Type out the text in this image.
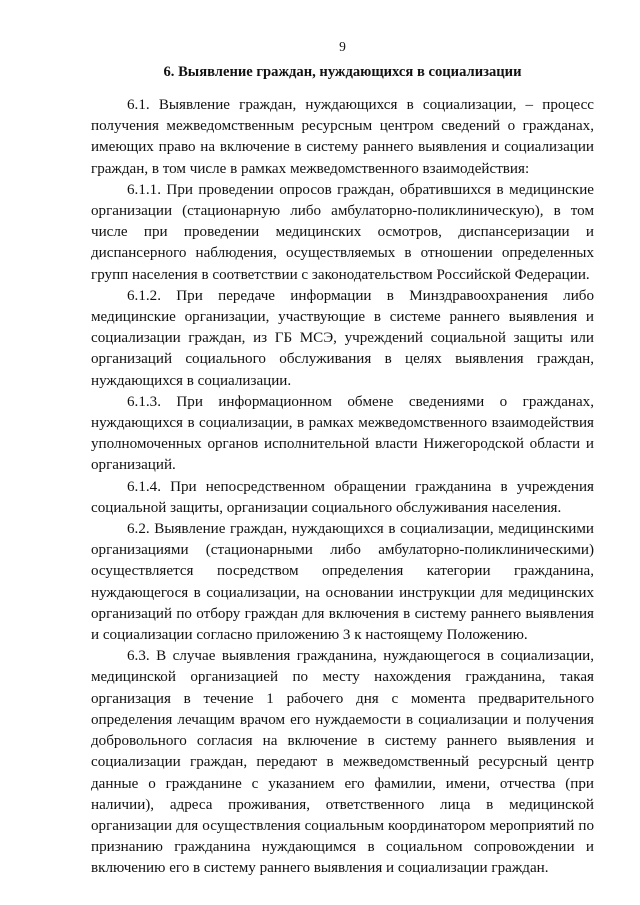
9
6. Выявление граждан, нуждающихся в социализации

6.1. Выявление граждан, нуждающихся в социализации, – процесс получения межведомственным ресурсным центром сведений о гражданах, имеющих право на включение в систему раннего выявления и социализации граждан, в том числе в рамках межведомственного взаимодействия:

6.1.1. При проведении опросов граждан, обратившихся в медицинские организации (стационарную либо амбулаторно-поликлиническую), в том числе при проведении медицинских осмотров, диспансеризации и диспансерного наблюдения, осуществляемых в отношении определенных групп населения в соответствии с законодательством Российской Федерации.

6.1.2. При передаче информации в Минздравоохранения либо медицинские организации, участвующие в системе раннего выявления и социализации граждан, из ГБ МСЭ, учреждений социальной защиты или организаций социального обслуживания в целях выявления граждан, нуждающихся в социализации.

6.1.3. При информационном обмене сведениями о гражданах, нуждающихся в социализации, в рамках межведомственного взаимодействия уполномоченных органов исполнительной власти Нижегородской области и организаций.

6.1.4. При непосредственном обращении гражданина в учреждения социальной защиты, организации социального обслуживания населения.

6.2. Выявление граждан, нуждающихся в социализации, медицинскими организациями (стационарными либо амбулаторно-поликлиническими) осуществляется посредством определения категории гражданина, нуждающегося в социализации, на основании инструкции для медицинских организаций по отбору граждан для включения в систему раннего выявления и социализации согласно приложению 3 к настоящему Положению.

6.3. В случае выявления гражданина, нуждающегося в социализации, медицинской организацией по месту нахождения гражданина, такая организация в течение 1 рабочего дня с момента предварительного определения лечащим врачом его нуждаемости в социализации и получения добровольного согласия на включение в систему раннего выявления и социализации граждан, передают в межведомственный ресурсный центр данные о гражданине с указанием его фамилии, имени, отчества (при наличии), адреса проживания, ответственного лица в медицинской организации для осуществления социальным координатором мероприятий по признанию гражданина нуждающимся в социальном сопровождении и включению его в систему раннего выявления и социализации граждан.
